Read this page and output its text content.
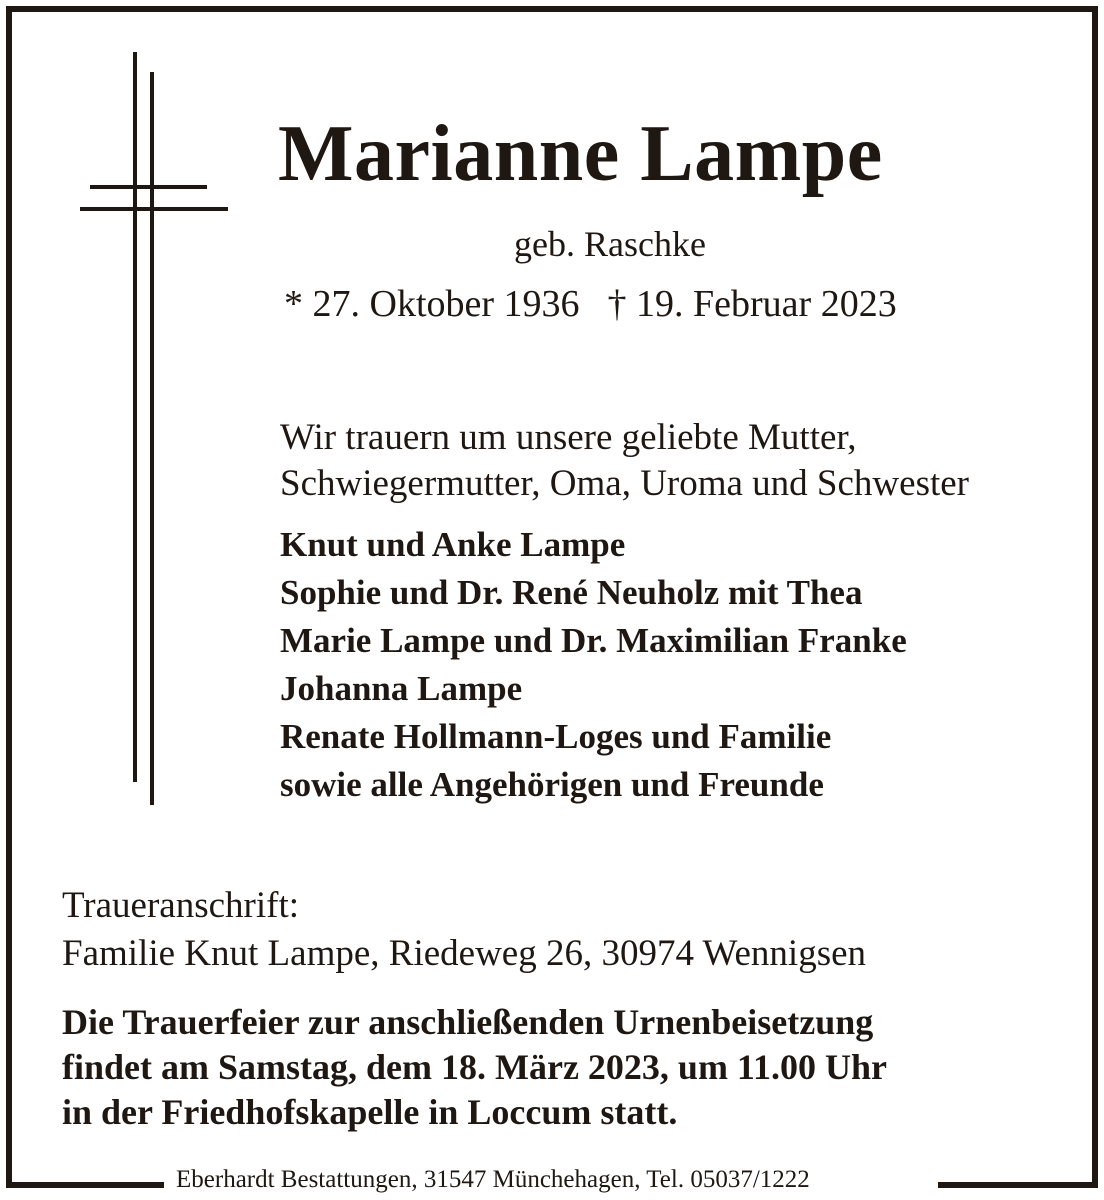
Marianne Lampe
geb. Raschke
* 27. Oktober 1936 † 19. Februar 2023
Wir trauern um unsere geliebte Mutter,
Schwiegermutter, Oma, Uroma und Schwester
Knut und Anke Lampe
Sophie und Dr. René Neuholz mit Thea
Marie Lampe und Dr. Maximilian Franke
Johanna Lampe
Renate Hollmann-Loges und Familie
sowie alle Angehörigen und Freunde
Traueranschrift:
Familie Knut Lampe, Riedeweg 26, 30974 Wennigsen
Die Trauerfeier zur anschließenden Urnenbeisetzung
findet am Samstag, dem 18. März 2023, um 11.00 Uhr
in der Friedhofskapelle in Loccum statt.
Eberhardt Bestattungen, 31547 Münchehagen, Tel. 05037/1222
